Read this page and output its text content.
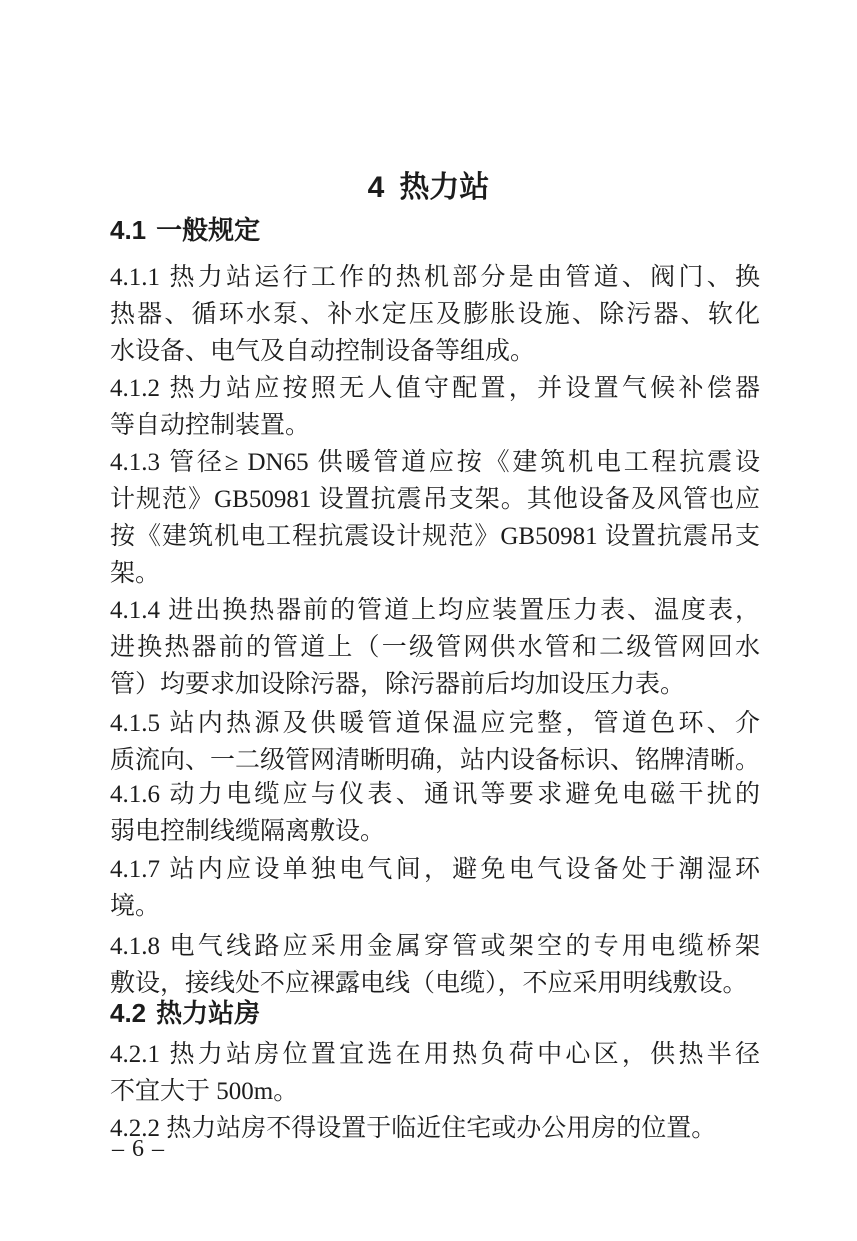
4 热力站
4.1 一般规定

4.1.1 热力站运行工作的热机部分是由管道、阀门、换
热器、循环水泵、补水定压及膨胀设施、除污器、软化
水设备、电气及自动控制设备等组成。

4.1.2 热力站应按照无人值守配置，并设置气候补偿器
等自动控制装置。

4.1.3 管径≥ DN65 供暖管道应按《建筑机电工程抗震设
计规范》GB50981 设置抗震吊支架。其他设备及风管也应
按《建筑机电工程抗震设计规范》GB50981 设置抗震吊支
架。

4.1.4 进出换热器前的管道上均应装置压力表、温度表，
进换热器前的管道上（一级管网供水管和二级管网回水
管）均要求加设除污器，除污器前后均加设压力表。

4.1.5 站内热源及供暖管道保温应完整，管道色环、介
质流向、一二级管网清晰明确，站内设备标识、铭牌清晰。

4.1.6 动力电缆应与仪表、通讯等要求避免电磁干扰的
弱电控制线缆隔离敷设。

4.1.7 站内应设单独电气间，避免电气设备处于潮湿环
境。

4.1.8 电气线路应采用金属穿管或架空的专用电缆桥架
敷设，接线处不应裸露电线（电缆），不应采用明线敷设。

4.2 热力站房

4.2.1 热力站房位置宜选在用热负荷中心区，供热半径
不宜大于 500m。

4.2.2 热力站房不得设置于临近住宅或办公用房的位置。

– 6 –
